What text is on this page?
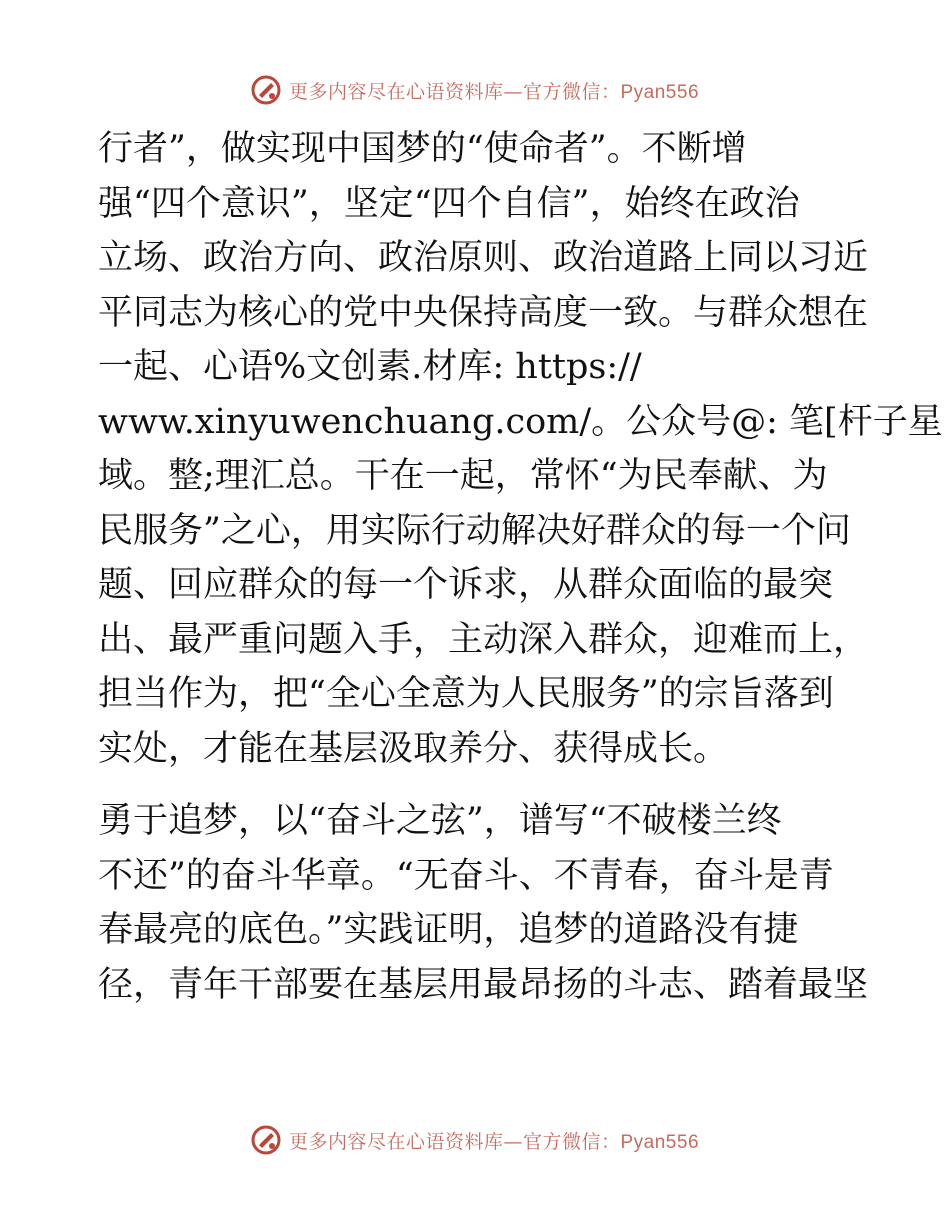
更多内容尽在心语资料库—官方微信：Pyan556
行者”，做实现中国梦的“使命者”。不断增
强“四个意识”，坚定“四个自信”，始终在政治
立场、政治方向、政治原则、政治道路上同以习近
平同志为核心的党中央保持高度一致。与群众想在
一起、心语%文创素.材库: https://
www.xinyuwenchuang.com/。公众号@: 笔[杆子星
域。整;理汇总。干在一起，常怀“为民奉献、为
民服务”之心，用实际行动解决好群众的每一个问
题、回应群众的每一个诉求，从群众面临的最突
出、最严重问题入手，主动深入群众，迎难而上，
担当作为，把“全心全意为人民服务”的宗旨落到
实处，才能在基层汲取养分、获得成长。
勇于追梦，以“奋斗之弦”，谱写“不破楼兰终
不还”的奋斗华章。“无奋斗、不青春，奋斗是青
春最亮的底色。”实践证明，追梦的道路没有捷
径，青年干部要在基层用最昂扬的斗志、踏着最坚
更多内容尽在心语资料库—官方微信：Pyan556
